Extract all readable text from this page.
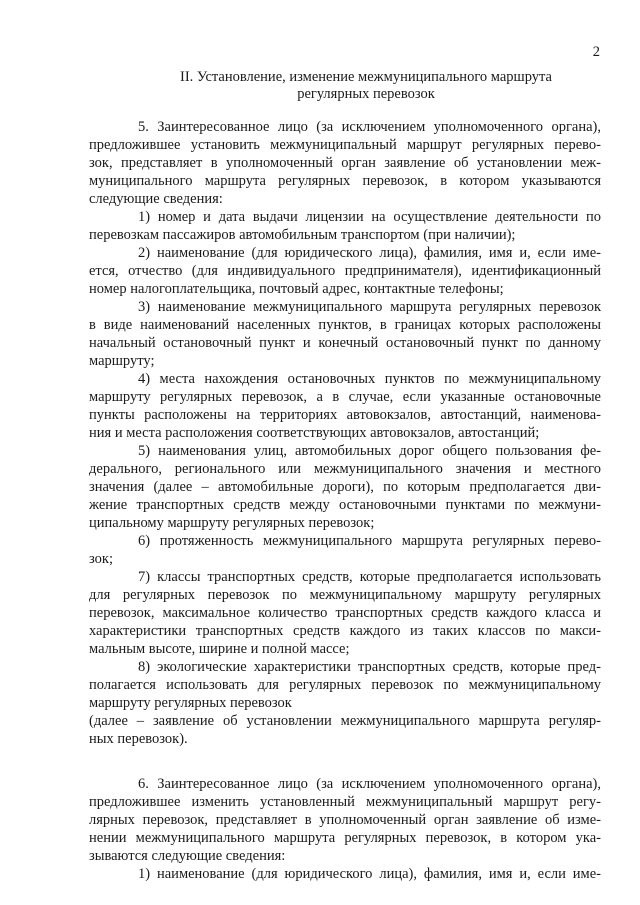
2
II. Установление, изменение межмуниципального маршрута
регулярных перевозок
5. Заинтересованное лицо (за исключением уполномоченного органа),
предложившее установить межмуниципальный маршрут регулярных перево-
зок, представляет в уполномоченный орган заявление об установлении меж-
муниципального маршрута регулярных перевозок, в котором указываются
следующие сведения:
1) номер и дата выдачи лицензии на осуществление деятельности по
перевозкам пассажиров автомобильным транспортом (при наличии);
2) наименование (для юридического лица), фамилия, имя и, если име-
ется, отчество (для индивидуального предпринимателя), идентификационный
номер налогоплательщика, почтовый адрес, контактные телефоны;
3) наименование межмуниципального маршрута регулярных перевозок
в виде наименований населенных пунктов, в границах которых расположены
начальный остановочный пункт и конечный остановочный пункт по данному
маршруту;
4) места нахождения остановочных пунктов по межмуниципальному
маршруту регулярных перевозок, а в случае, если указанные остановочные
пункты расположены на территориях автовокзалов, автостанций, наименова-
ния и места расположения соответствующих автовокзалов, автостанций;
5) наименования улиц, автомобильных дорог общего пользования фе-
дерального, регионального или межмуниципального значения и местного
значения (далее – автомобильные дороги), по которым предполагается дви-
жение транспортных средств между остановочными пунктами по межмуни-
ципальному маршруту регулярных перевозок;
6) протяженность межмуниципального маршрута регулярных перево-
зок;
7) классы транспортных средств, которые предполагается использовать
для регулярных перевозок по межмуниципальному маршруту регулярных
перевозок, максимальное количество транспортных средств каждого класса и
характеристики транспортных средств каждого из таких классов по макси-
мальным высоте, ширине и полной массе;
8) экологические характеристики транспортных средств, которые пред-
полагается использовать для регулярных перевозок по межмуниципальному
маршруту регулярных перевозок
(далее – заявление об установлении межмуниципального маршрута регуляр-
ных перевозок).
6. Заинтересованное лицо (за исключением уполномоченного органа),
предложившее изменить установленный межмуниципальный маршрут регу-
лярных перевозок, представляет в уполномоченный орган заявление об изме-
нении межмуниципального маршрута регулярных перевозок, в котором ука-
зываются следующие сведения:
1) наименование (для юридического лица), фамилия, имя и, если име-
